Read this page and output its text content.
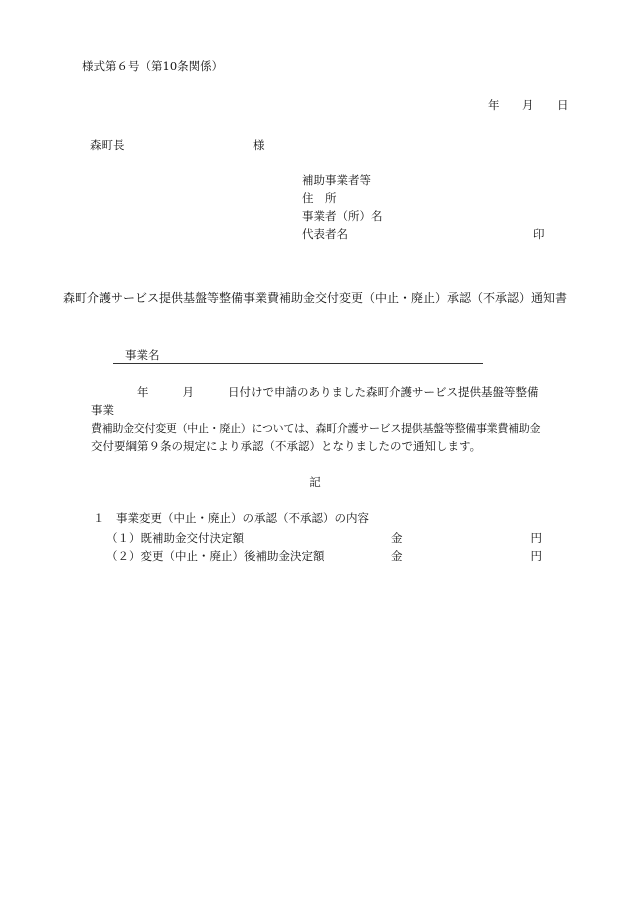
様式第６号（第10条関係）
年 月 日
森町長	様
補助事業者等
住　所
事業者（所）名
代表者名	印
森町介護サービス提供基盤等整備事業費補助金交付変更（中止・廃止）承認（不承認）通知書
事業名

年	月	日付けで申請のありました森町介護サービス提供基盤等整備事業

費補助金交付変更（中止・廃止）については、森町介護サービス提供基盤等整備事業費補助金

交付要綱第９条の規定により承認（不承認）となりましたので通知します。

記
１　事業変更（中止・廃止）の承認（不承認）の内容
（１）既補助金交付決定額	金	円
（２）変更（中止・廃止）後補助金決定額	金	円
